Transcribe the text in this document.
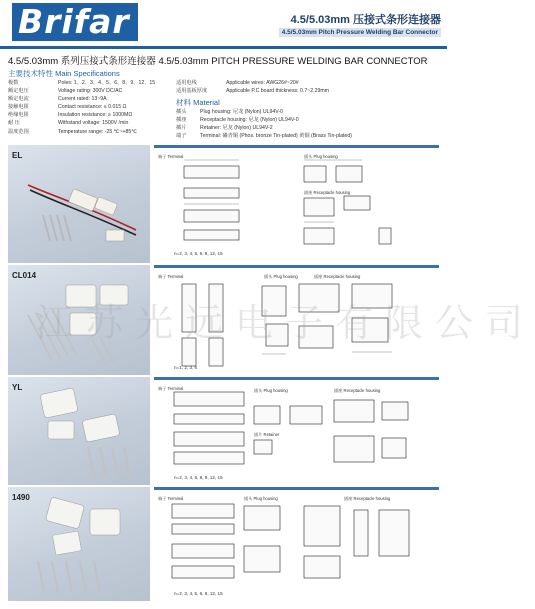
Brifar	4.5/5.03mm 压接式条形连接器
4.5/5.03mm Pitch Pressure Welding Bar Connector
4.5/5.03mm 系列压接式条形连接器 4.5/5.03mm PITCH PRESSURE WELDING BAR CONNECTOR
主要技术特性 Main Specifications
极数	Poles: 1、2、3、4、5、6、8、9、12、15
额定电压	Voltage rating: 300V DC/AC
额定电流	Current rated: 13~9A
接触电阻	Contact resistance: ≤ 0.015 Ω
绝缘电阻	Insulation resistance: ≥ 1000MΩ
耐 压	Withstand voltage: 1500V /min
温度范围	Temperature range: -25 ℃~+85℃
适用电线	Applicable wires: AWG26#~20#
适用基板厚度	Applicable P.C board thickness: 0.7~2.29mm
材料 Material
插头	Plug housing: 尼龙 (Nylon) UL94V-0
插座	Receptacle housing: 尼龙 (Nylon) UL94V-0
插片	Retainer: 尼龙 (Nylon) UL94V-2
端子	Terminal: 磷青铜 (Phos. bronze Tin-plated) 黄铜 (Brass Tin-plated)
EL	端子 Terminal	插头 Plug housing
插座 Receptacle housing
n=2, 3, 4, 5, 6, 9, 12, 15
CL014	端子 Terminal	插头 Plug housing	插座 Receptacle housing
n=1, 2, 3, 6
YL	端子 Terminal	插头 Plug housing	插座 Receptacle housing
插片 Retainer
n=2, 3, 4, 6, 8, 9, 12, 15
1490	端子 Terminal	插头 Plug housing	插座 Receptacle housing
n=2, 3, 4, 5, 6, 9, 12, 15
江苏光远电子有限公司
